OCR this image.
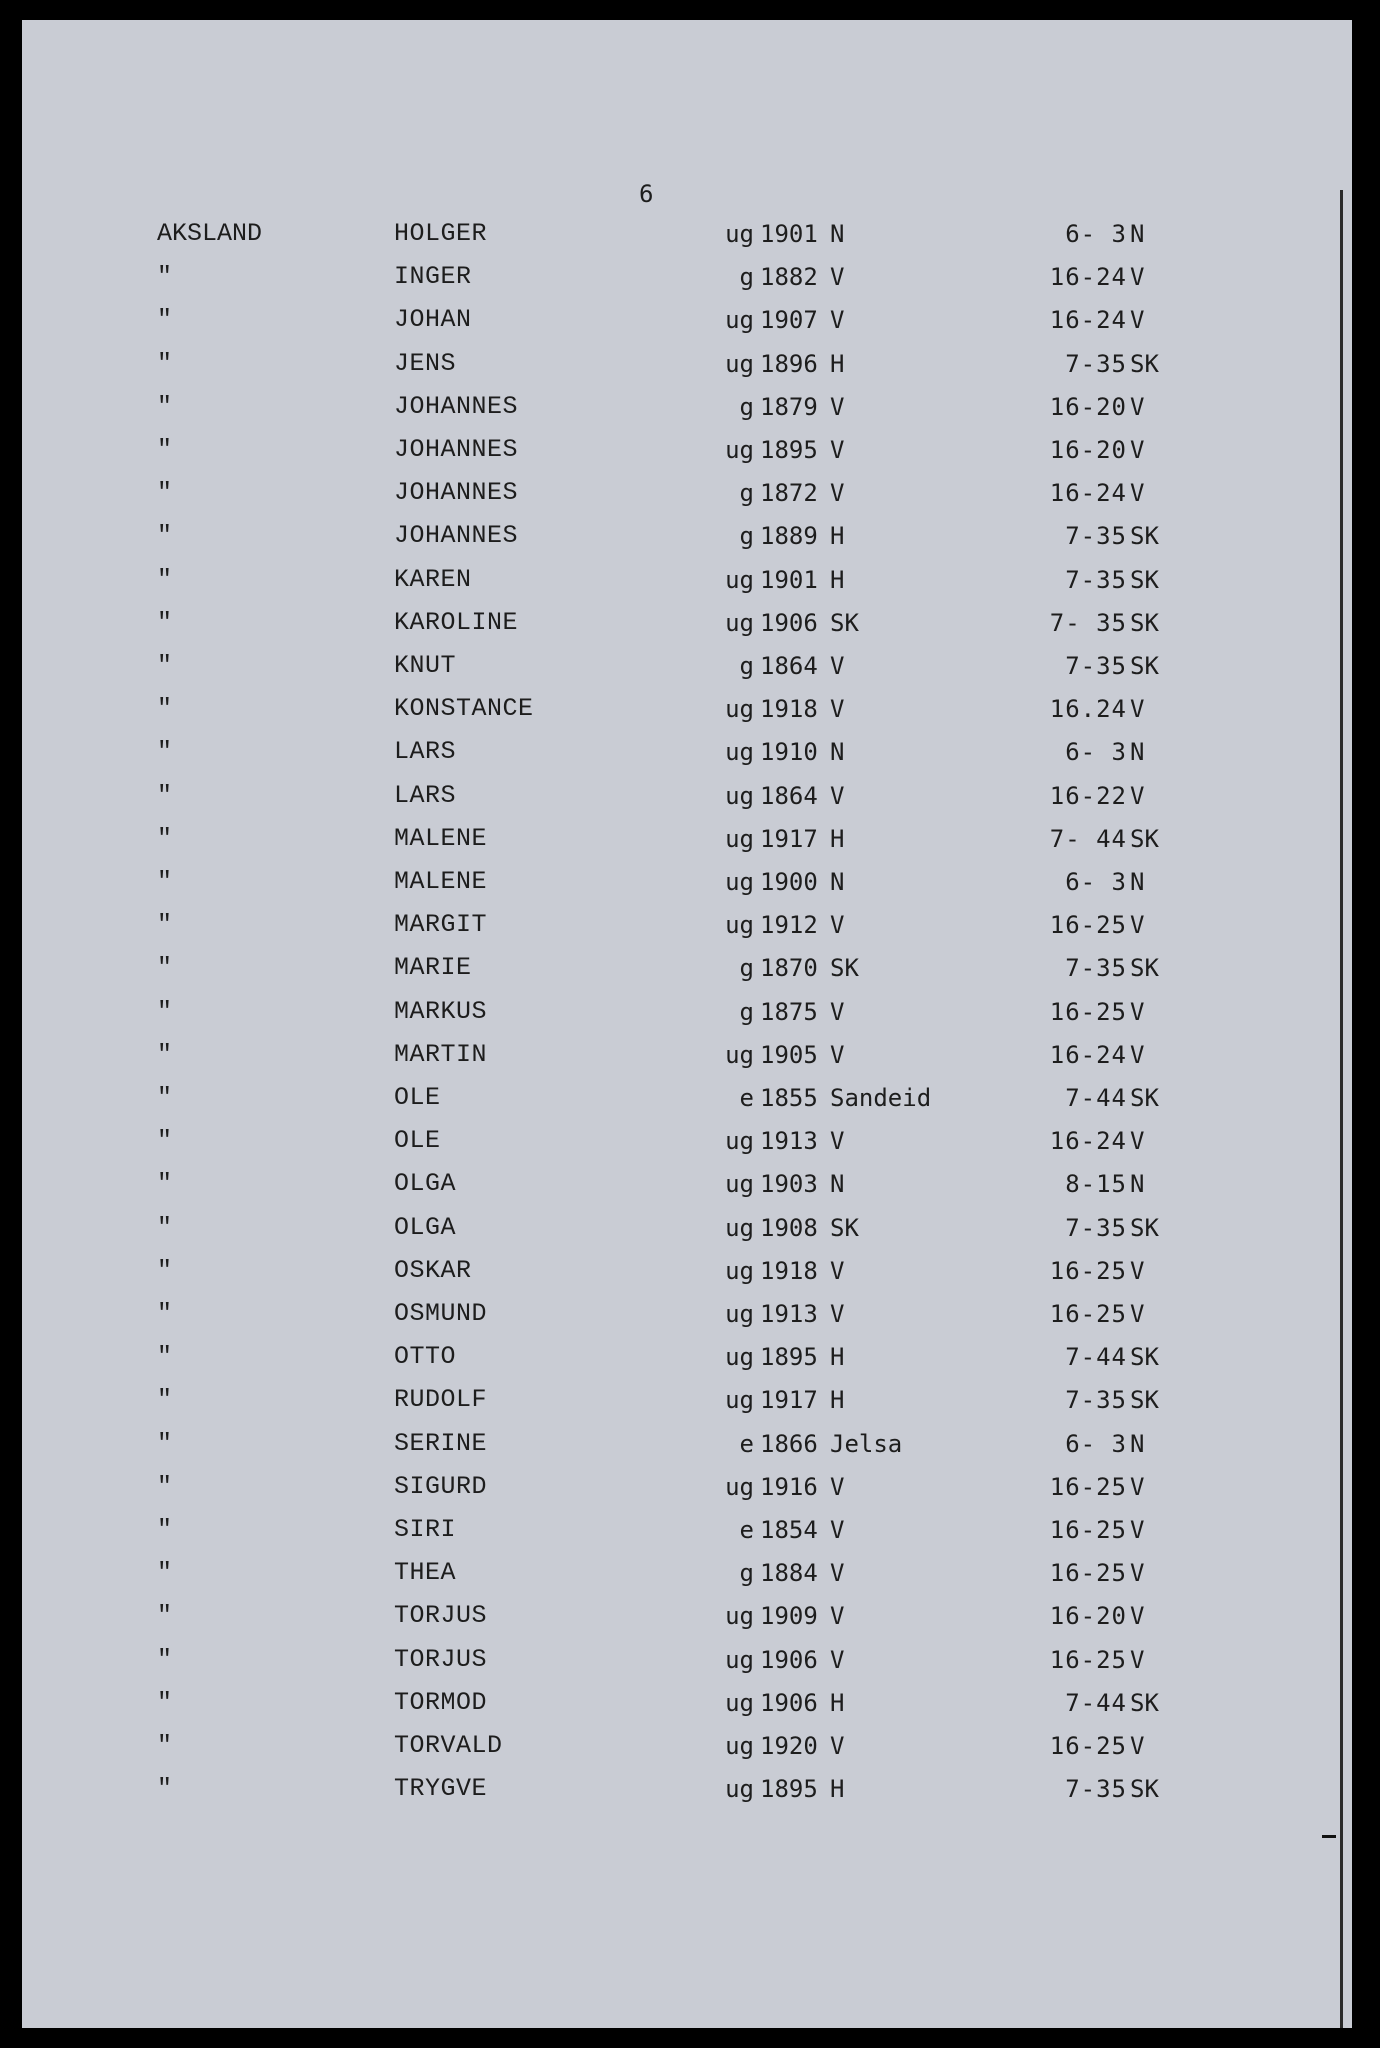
6
AKSLAND	HOLGER	ug 1901 N	6- 3 N
"	INGER	g 1882 V	16-24 V
"	JOHAN	ug 1907 V	16-24 V
"	JENS	ug 1896 H	7-35 SK
"	JOHANNES	g 1879 V	16-20 V
"	JOHANNES	ug 1895 V	16-20 V
"	JOHANNES	g 1872 V	16-24 V
"	JOHANNES	g 1889 H	7-35 SK
"	KAREN	ug 1901 H	7-35 SK
"	KAROLINE	ug 1906 SK	7- 35 SK
"	KNUT	g 1864 V	7-35 SK
"	KONSTANCE	ug 1918 V	16.24 V
"	LARS	ug 1910 N	6- 3 N
"	LARS	ug 1864 V	16-22 V
"	MALENE	ug 1917 H	7- 44 SK
"	MALENE	ug 1900 N	6- 3 N
"	MARGIT	ug 1912 V	16-25 V
"	MARIE	g 1870 SK	7-35 SK
"	MARKUS	g 1875 V	16-25 V
"	MARTIN	ug 1905 V	16-24 V
"	OLE	e 1855 Sandeid	7-44 SK
"	OLE	ug 1913 V	16-24 V
"	OLGA	ug 1903 N	8-15 N
"	OLGA	ug 1908 SK	7-35 SK
"	OSKAR	ug 1918 V	16-25 V
"	OSMUND	ug 1913 V	16-25 V
"	OTTO	ug 1895 H	7-44 SK
"	RUDOLF	ug 1917 H	7-35 SK
"	SERINE	e 1866 Jelsa	6- 3 N
"	SIGURD	ug 1916 V	16-25 V
"	SIRI	e 1854 V	16-25 V
"	THEA	g 1884 V	16-25 V
"	TORJUS	ug 1909 V	16-20 V
"	TORJUS	ug 1906 V	16-25 V
"	TORMOD	ug 1906 H	7-44 SK
"	TORVALD	ug 1920 V	16-25 V
"	TRYGVE	ug 1895 H	7-35 SK
